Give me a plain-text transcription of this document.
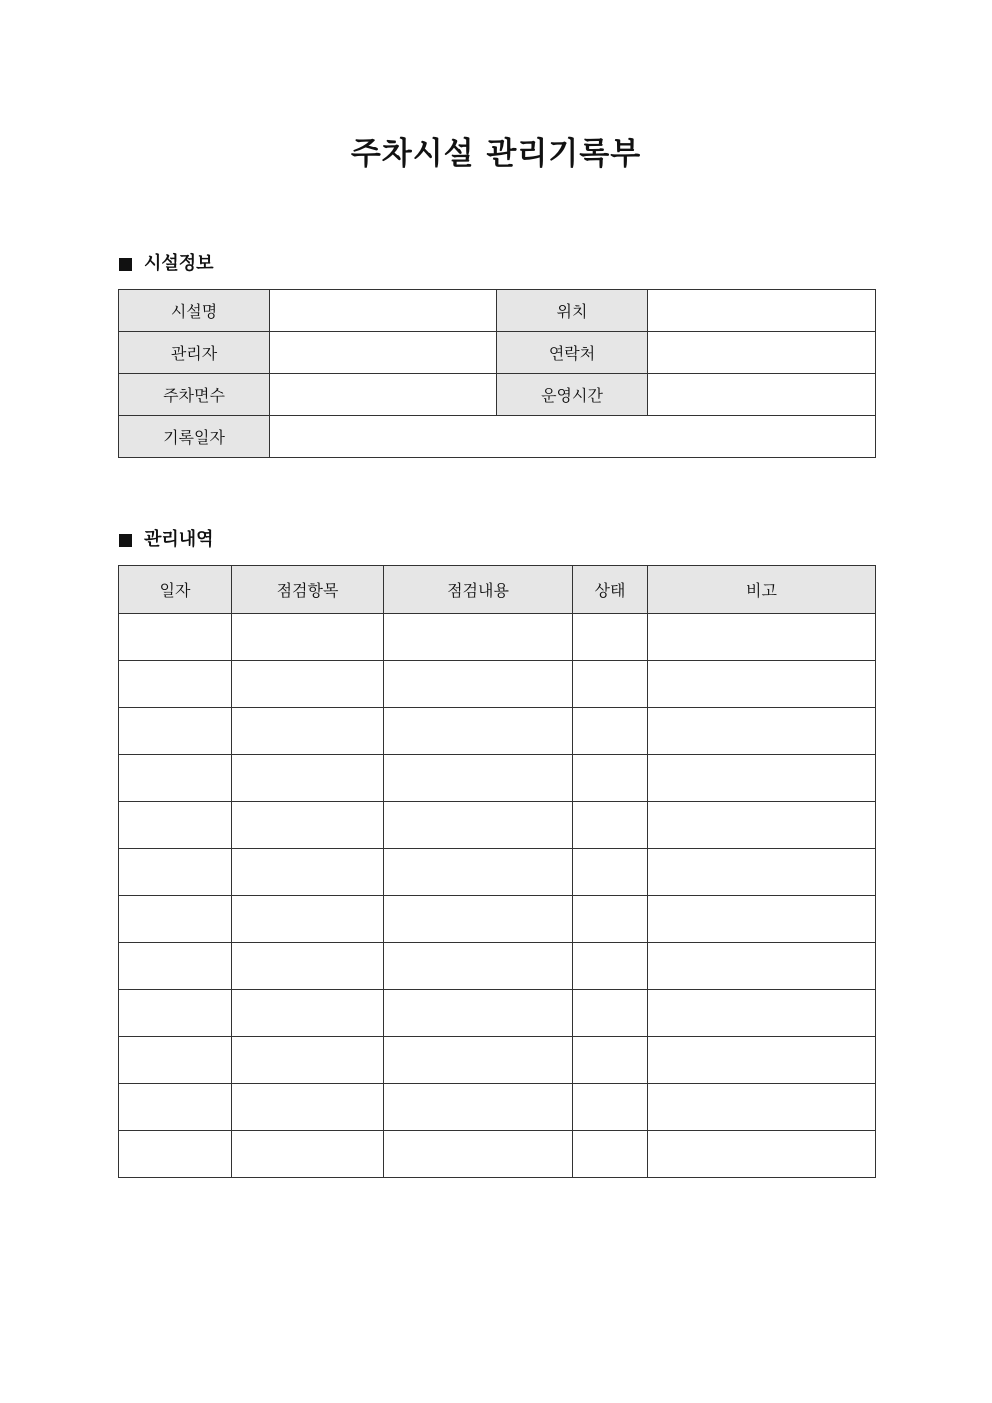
주차시설 관리기록부
시설정보
시설명		위치	
관리자		연락처	
주차면수		운영시간	
기록일자			
관리내역
일자	점검항목	점검내용	상태	비고
